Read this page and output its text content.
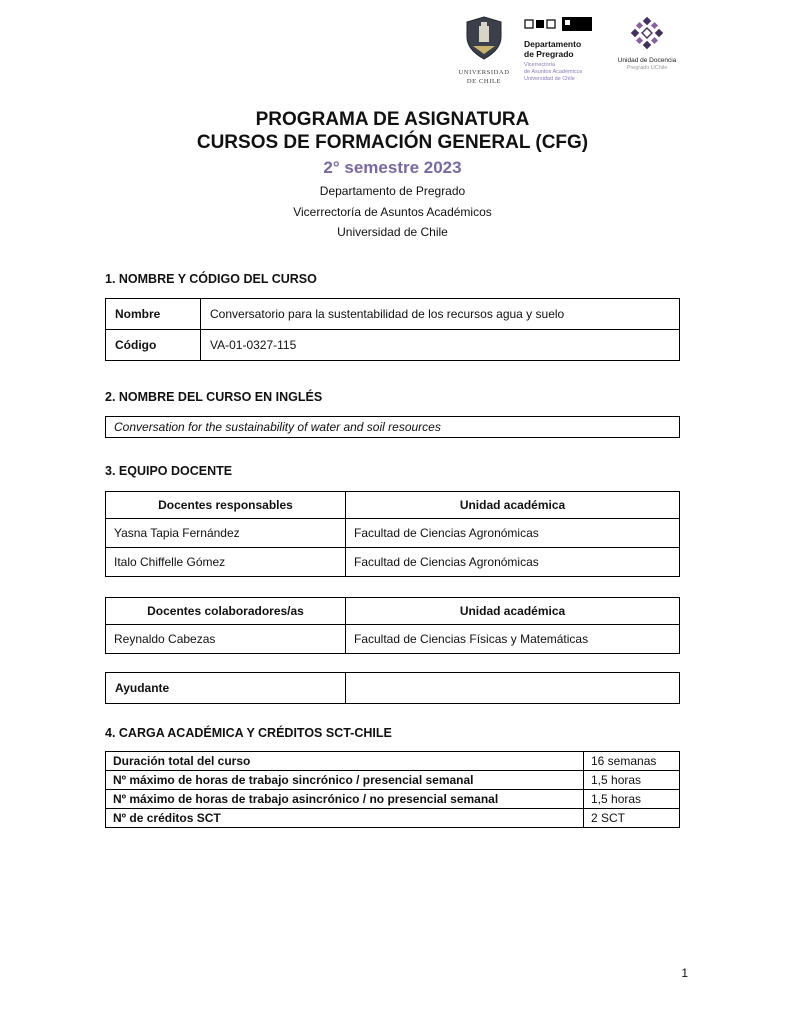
UNIVERSIDAD
DE CHILE
Departamento
de Pregrado
Vicerrectoría
de Asuntos Académicos
Universidad de Chile
Unidad de Docencia
Pregrado UChile
PROGRAMA DE ASIGNATURA
CURSOS DE FORMACIÓN GENERAL (CFG)
2° semestre 2023
Departamento de Pregrado
Vicerrectoría de Asuntos Académicos
Universidad de Chile
1. NOMBRE Y CÓDIGO DEL CURSO
Nombre	Conversatorio para la sustentabilidad de los recursos agua y suelo
Código	VA-01-0327-115
2. NOMBRE DEL CURSO EN INGLÉS
Conversation for the sustainability of water and soil resources
3. EQUIPO DOCENTE
Docentes responsables	Unidad académica
Yasna Tapia Fernández	Facultad de Ciencias Agronómicas
Italo Chiffelle Gómez	Facultad de Ciencias Agronómicas
Docentes colaboradores/as	Unidad académica
Reynaldo Cabezas	Facultad de Ciencias Físicas y Matemáticas
Ayudante	
4. CARGA ACADÉMICA Y CRÉDITOS SCT-CHILE
Duración total del curso	16 semanas
Nº máximo de horas de trabajo sincrónico / presencial semanal	1,5 horas
Nº máximo de horas de trabajo asincrónico / no presencial semanal	1,5 horas
Nº de créditos SCT	2 SCT
1
